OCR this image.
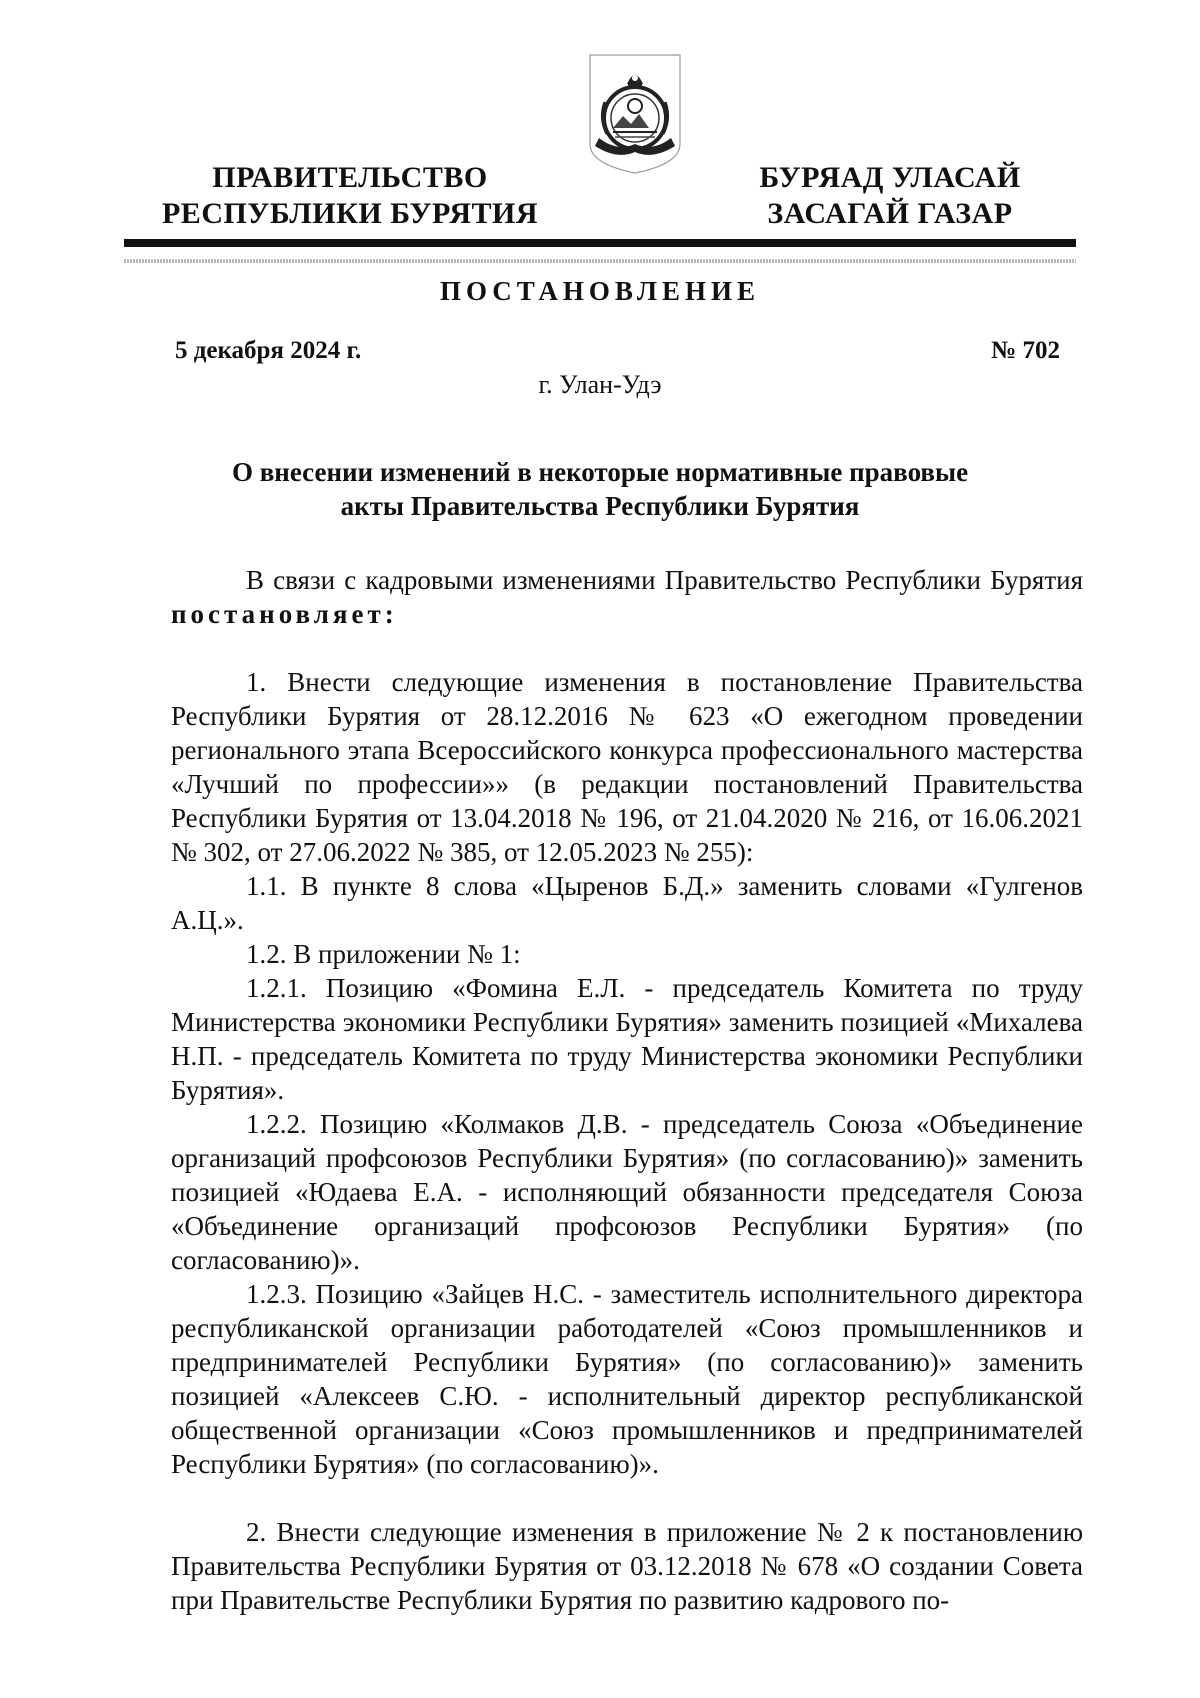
ПРАВИТЕЛЬСТВО
РЕСПУБЛИКИ БУРЯТИЯ
БУРЯАД УЛАСАЙ
ЗАСАГАЙ ГАЗАР
ПОСТАНОВЛЕНИЕ
5 декабря 2024 г.	№ 702
г. Улан-Удэ
О внесении изменений в некоторые нормативные правовые
акты Правительства Республики Бурятия

В связи с кадровыми изменениями Правительство Республики Бурятия постановляет:

1. Внести следующие изменения в постановление Правительства Республики Бурятия от 28.12.2016 № 623 «О ежегодном проведении регионального этапа Всероссийского конкурса профессионального мастерства «Лучший по профессии»» (в редакции постановлений Правительства Республики Бурятия от 13.04.2018 № 196, от 21.04.2020 № 216, от 16.06.2021 № 302, от 27.06.2022 № 385, от 12.05.2023 № 255):

1.1. В пункте 8 слова «Цыренов Б.Д.» заменить словами «Гулгенов А.Ц.».

1.2. В приложении № 1:

1.2.1. Позицию «Фомина Е.Л. - председатель Комитета по труду Министерства экономики Республики Бурятия» заменить позицией «Михалева Н.П. - председатель Комитета по труду Министерства экономики Республики Бурятия».

1.2.2. Позицию «Колмаков Д.В. - председатель Союза «Объединение организаций профсоюзов Республики Бурятия» (по согласованию)» заменить позицией «Юдаева Е.А. - исполняющий обязанности председателя Союза «Объединение организаций профсоюзов Республики Бурятия» (по согласованию)».

1.2.3. Позицию «Зайцев Н.С. - заместитель исполнительного директора республиканской организации работодателей «Союз промышленников и предпринимателей Республики Бурятия» (по согласованию)» заменить позицией «Алексеев С.Ю. - исполнительный директор республиканской общественной организации «Союз промышленников и предпринимателей Республики Бурятия» (по согласованию)».

2. Внести следующие изменения в приложение № 2 к постановлению Правительства Республики Бурятия от 03.12.2018 № 678 «О создании Совета при Правительстве Республики Бурятия по развитию кадрового по-
